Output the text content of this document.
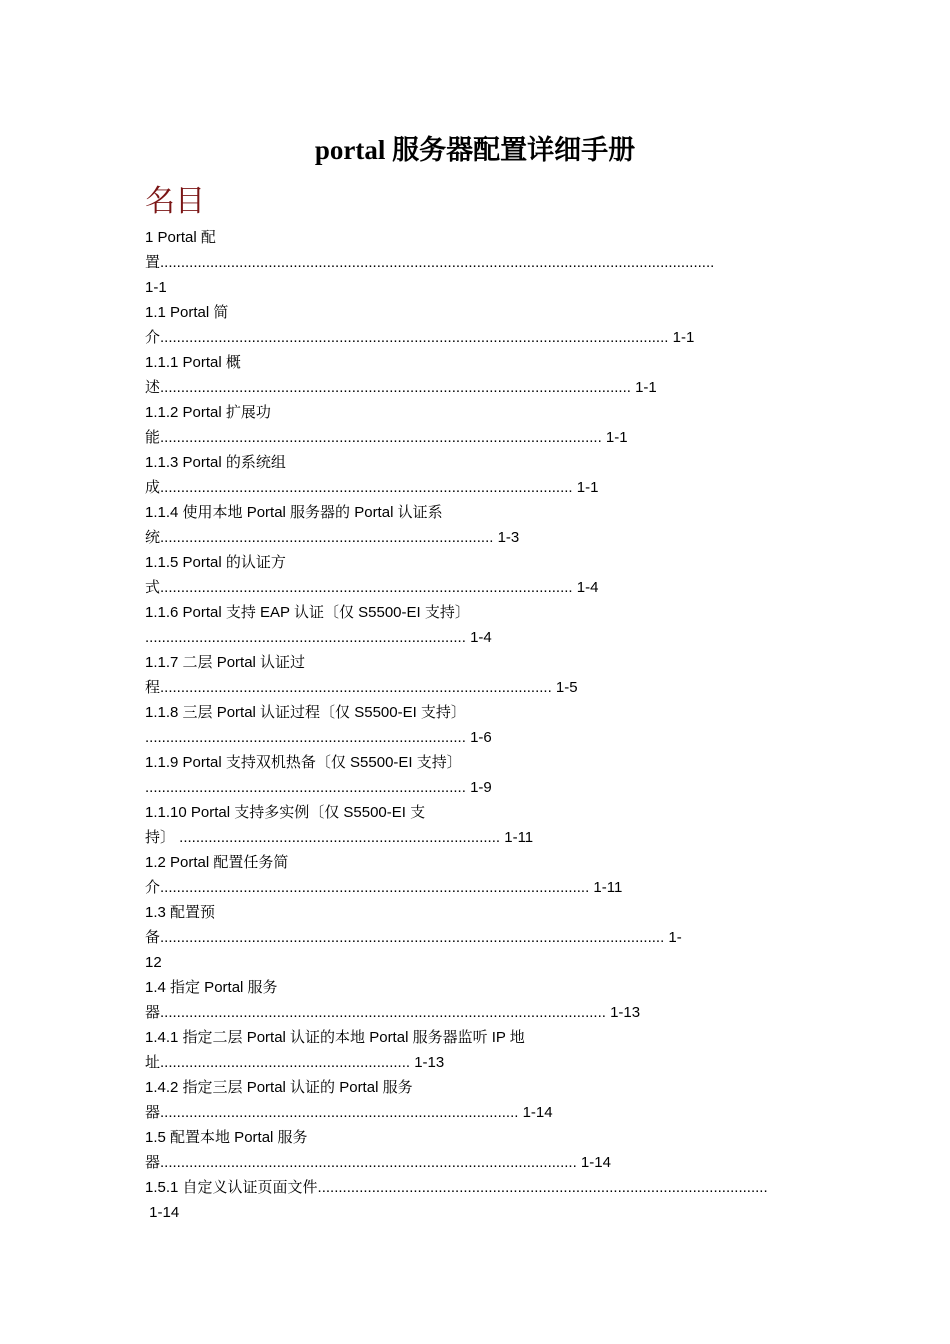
portal 服务器配置详细手册
名目
1 Portal 配
置.....................................................................................................................................
1-1
1.1 Portal 简
介.......................................................................................................................... 1-1
1.1.1 Portal 概
述................................................................................................................. 1-1
1.1.2 Portal 扩展功
能.......................................................................................................... 1-1
1.1.3 Portal 的系统组
成................................................................................................... 1-1
1.1.4 使用本地 Portal 服务器的 Portal 认证系
统................................................................................ 1-3
1.1.5 Portal 的认证方
式................................................................................................... 1-4
1.1.6 Portal 支持 EAP 认证〔仅 S5500-EI 支持〕
............................................................................. 1-4
1.1.7 二层 Portal 认证过
程.............................................................................................. 1-5
1.1.8 三层 Portal 认证过程〔仅 S5500-EI 支持〕
............................................................................. 1-6
1.1.9 Portal 支持双机热备〔仅 S5500-EI 支持〕
............................................................................. 1-9
1.1.10 Portal 支持多实例〔仅 S5500-EI 支
持〕 ............................................................................. 1-11
1.2 Portal 配置任务简
介....................................................................................................... 1-11
1.3 配置预
备......................................................................................................................... 1-
12
1.4 指定 Portal 服务
器........................................................................................................... 1-13
1.4.1 指定二层 Portal 认证的本地 Portal 服务器监听 IP 地
址............................................................ 1-13
1.4.2 指定三层 Portal 认证的 Portal 服务
器...................................................................................... 1-14
1.5 配置本地 Portal 服务
器.................................................................................................... 1-14
1.5.1 自定义认证页面文件............................................................................................................
1-14
